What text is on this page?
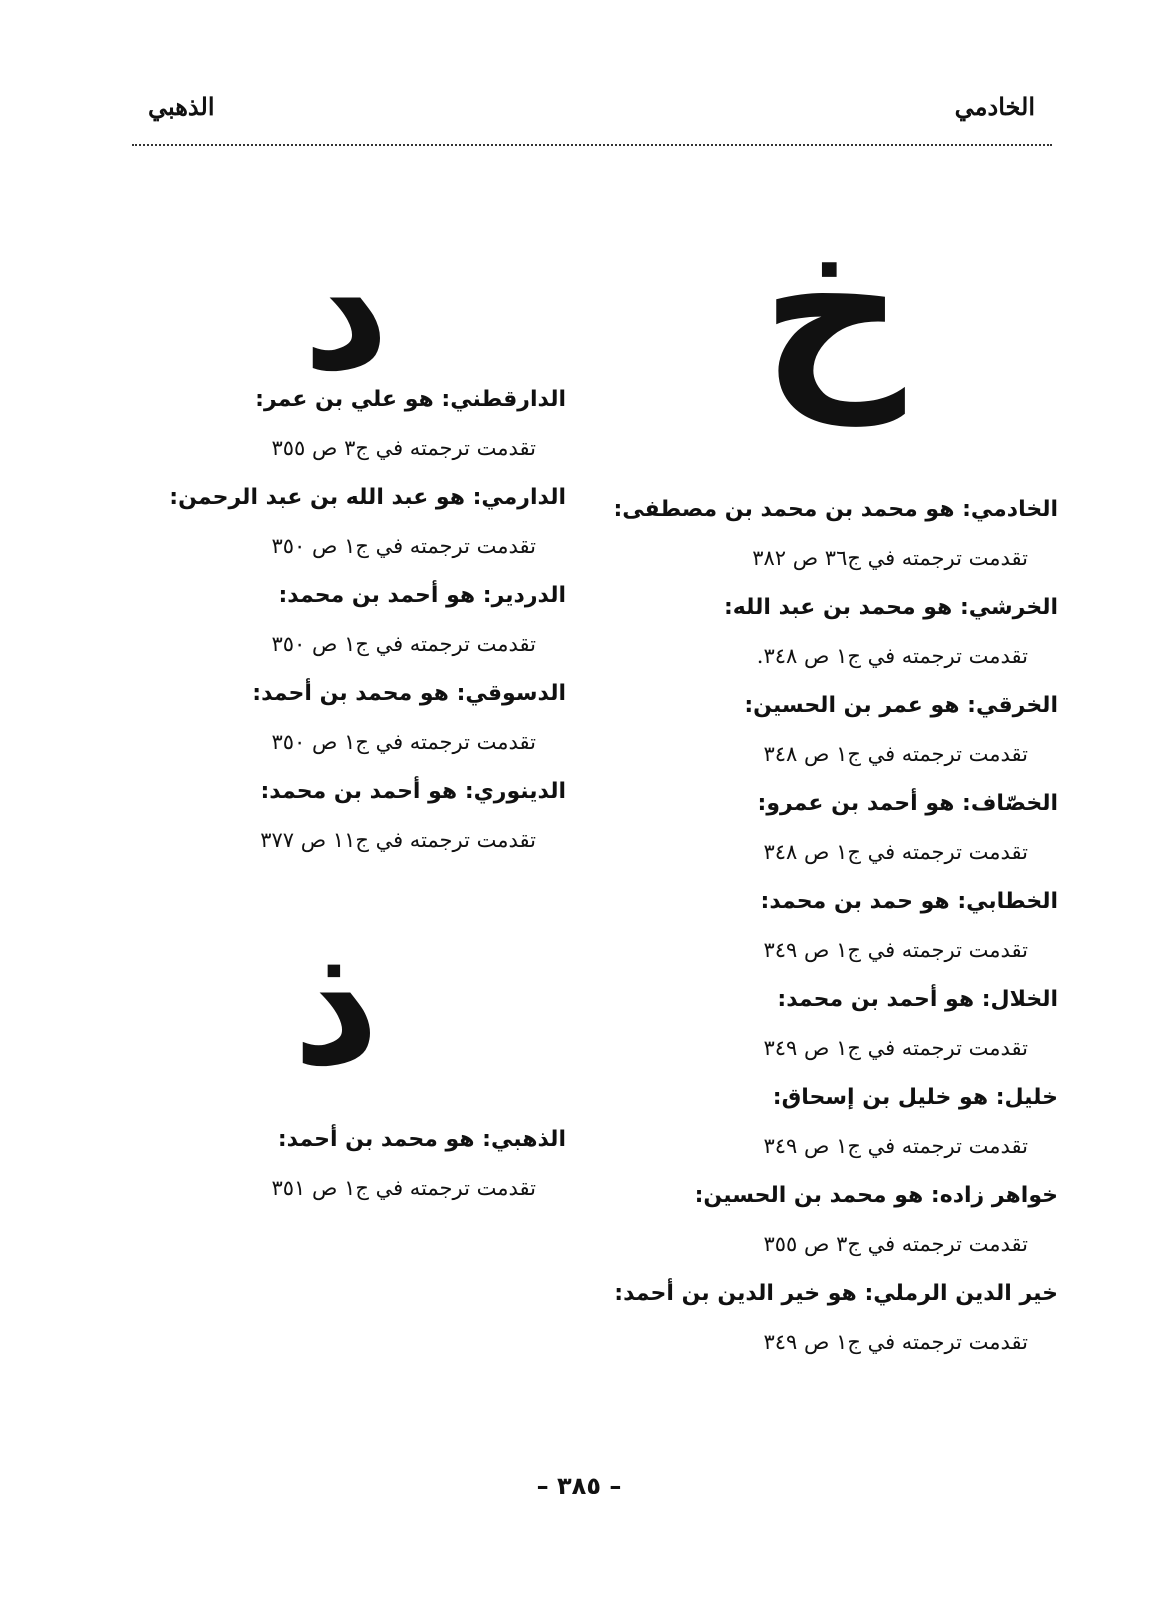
الخادمي
الذهبي
خ
الخادمي: هو محمد بن محمد بن مصطفى:
تقدمت ترجمته في ج٣٦ ص ٣٨٢
الخرشي: هو محمد بن عبد الله:
تقدمت ترجمته في ج١ ص ٣٤٨.
الخرقي: هو عمر بن الحسين:
تقدمت ترجمته في ج١ ص ٣٤٨
الخصّاف: هو أحمد بن عمرو:
تقدمت ترجمته في ج١ ص ٣٤٨
الخطابي: هو حمد بن محمد:
تقدمت ترجمته في ج١ ص ٣٤٩
الخلال: هو أحمد بن محمد:
تقدمت ترجمته في ج١ ص ٣٤٩
خليل: هو خليل بن إسحاق:
تقدمت ترجمته في ج١ ص ٣٤٩
خواهر زاده: هو محمد بن الحسين:
تقدمت ترجمته في ج٣ ص ٣٥٥
خير الدين الرملي: هو خير الدين بن أحمد:
تقدمت ترجمته في ج١ ص ٣٤٩
د
الدارقطني: هو علي بن عمر:
تقدمت ترجمته في ج٣ ص ٣٥٥
الدارمي: هو عبد الله بن عبد الرحمن:
تقدمت ترجمته في ج١ ص ٣٥٠
الدردير: هو أحمد بن محمد:
تقدمت ترجمته في ج١ ص ٣٥٠
الدسوقي: هو محمد بن أحمد:
تقدمت ترجمته في ج١ ص ٣٥٠
الدينوري: هو أحمد بن محمد:
تقدمت ترجمته في ج١١ ص ٣٧٧
ذ
الذهبي: هو محمد بن أحمد:
تقدمت ترجمته في ج١ ص ٣٥١
– ٣٨٥ –
